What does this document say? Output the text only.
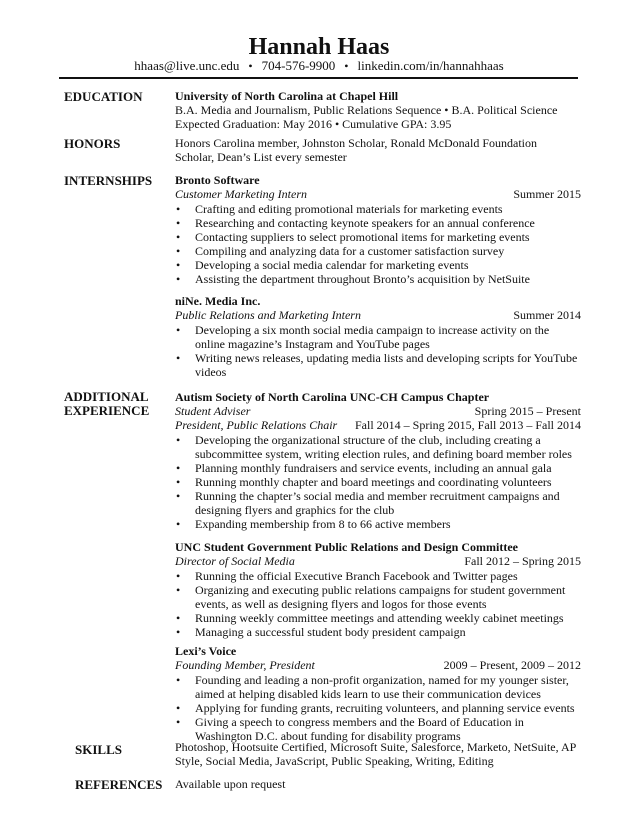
Hannah Haas
hhaas@live.unc.edu • 704-576-9900 • linkedin.com/in/hannahhaas
EDUCATION	University of North Carolina at Chapel Hill
B.A. Media and Journalism, Public Relations Sequence • B.A. Political Science
Expected Graduation: May 2016 • Cumulative GPA: 3.95
HONORS	Honors Carolina member, Johnston Scholar, Ronald McDonald Foundation
Scholar, Dean’s List every semester
INTERNSHIPS Bronto Software
Customer Marketing Intern	Summer 2015
• Crafting and editing promotional materials for marketing events
• Researching and contacting keynote speakers for an annual conference
• Contacting suppliers to select promotional items for marketing events
• Compiling and analyzing data for a customer satisfaction survey
• Developing a social media calendar for marketing events
• Assisting the department throughout Bronto’s acquisition by NetSuite
niNe. Media Inc.
Public Relations and Marketing Intern	Summer 2014
• Developing a six month social media campaign to increase activity on the online magazine’s Instagram and YouTube pages
• Writing news releases, updating media lists and developing scripts for YouTube videos
ADDITIONAL
EXPERIENCE
Autism Society of North Carolina UNC-CH Campus Chapter
Student Adviser	Spring 2015 – Present
President, Public Relations Chair Fall 2014 – Spring 2015, Fall 2013 – Fall 2014
• Developing the organizational structure of the club, including creating a subcommittee system, writing election rules, and defining board member roles
• Planning monthly fundraisers and service events, including an annual gala
• Running monthly chapter and board meetings and coordinating volunteers
• Running the chapter’s social media and member recruitment campaigns and designing flyers and graphics for the club
• Expanding membership from 8 to 66 active members
UNC Student Government Public Relations and Design Committee
Director of Social Media	Fall 2012 – Spring 2015
• Running the official Executive Branch Facebook and Twitter pages
• Organizing and executing public relations campaigns for student government events, as well as designing flyers and logos for those events
• Running weekly committee meetings and attending weekly cabinet meetings
• Managing a successful student body president campaign
Lexi’s Voice
Founding Member, President	2009 – Present, 2009 – 2012
• Founding and leading a non-profit organization, named for my younger sister, aimed at helping disabled kids learn to use their communication devices
• Applying for funding grants, recruiting volunteers, and planning service events
• Giving a speech to congress members and the Board of Education in Washington D.C. about funding for disability programs
SKILLS	Photoshop, Hootsuite Certified, Microsoft Suite, Salesforce, Marketo, NetSuite, AP
Style, Social Media, JavaScript, Public Speaking, Writing, Editing
REFERENCES Available upon request
